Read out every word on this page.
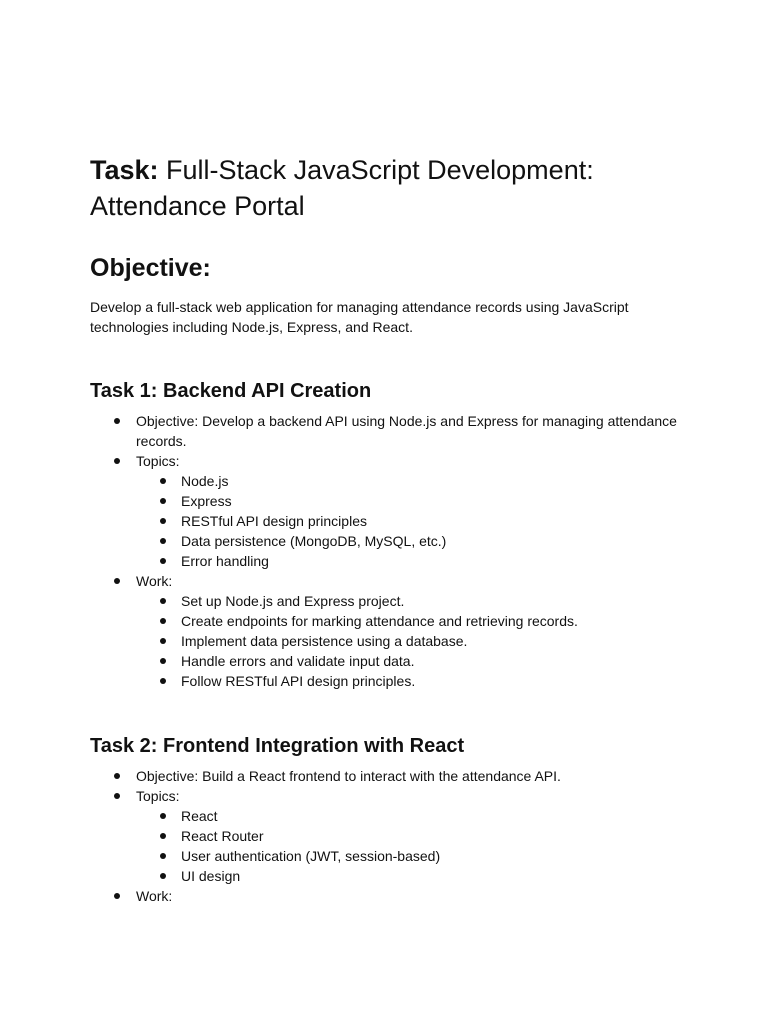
Task: Full-Stack JavaScript Development: Attendance Portal

Objective:

Develop a full-stack web application for managing attendance records using JavaScript technologies including Node.js, Express, and React.

Task 1: Backend API Creation
Objective: Develop a backend API using Node.js and Express for managing attendance records.
Topics:
Node.js
Express
RESTful API design principles
Data persistence (MongoDB, MySQL, etc.)
Error handling
Work:
Set up Node.js and Express project.
Create endpoints for marking attendance and retrieving records.
Implement data persistence using a database.
Handle errors and validate input data.
Follow RESTful API design principles.
Task 2: Frontend Integration with React
Objective: Build a React frontend to interact with the attendance API.
Topics:
React
React Router
User authentication (JWT, session-based)
UI design
Work:
